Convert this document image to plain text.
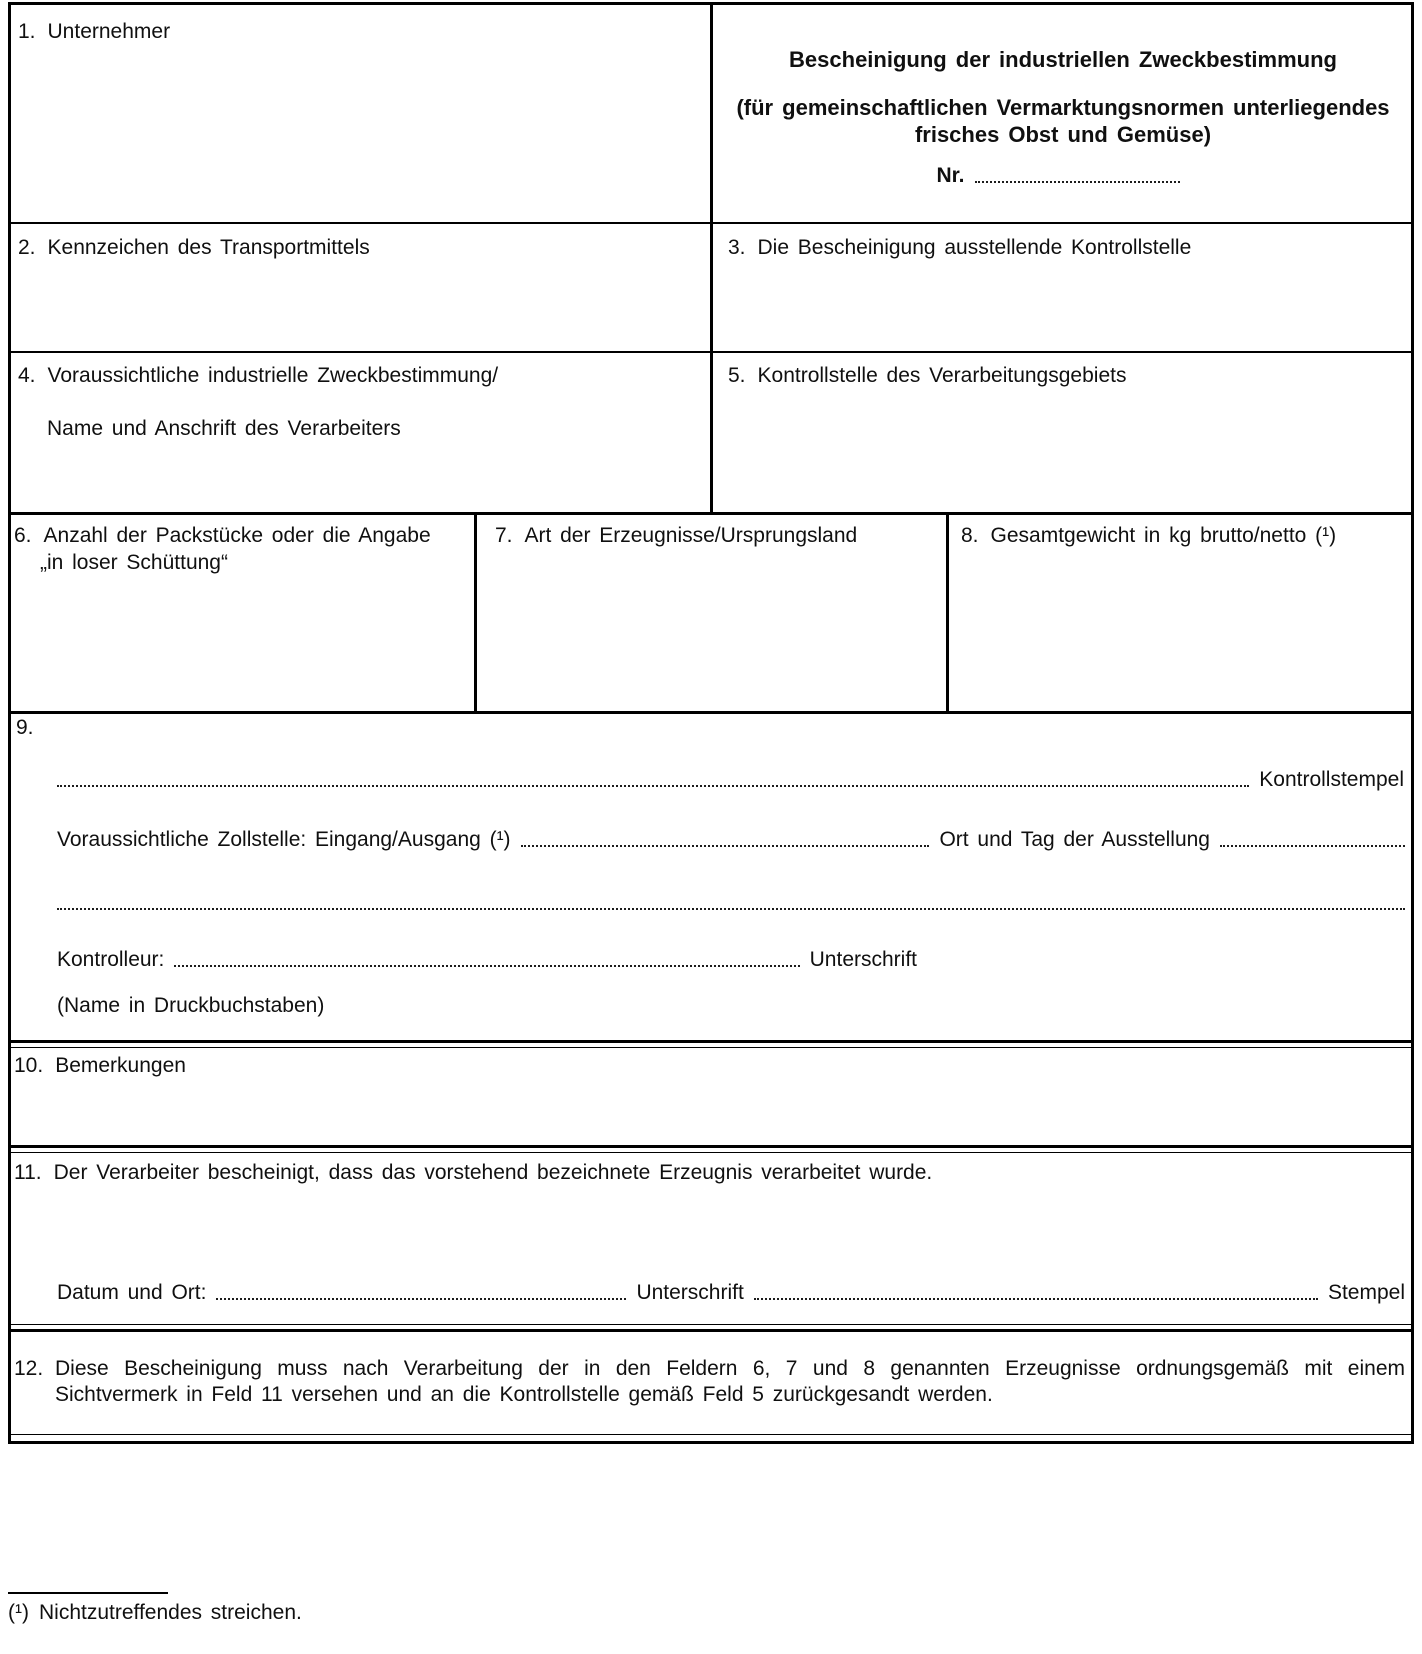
1. Unternehmer
Bescheinigung der industriellen Zweckbestimmung
(für gemeinschaftlichen Vermarktungsnormen unterliegendes
frisches Obst und Gemüse)
Nr.
2. Kennzeichen des Transportmittels	3. Die Bescheinigung ausstellende Kontrollstelle
4. Voraussichtliche industrielle Zweckbestimmung/
Name und Anschrift des Verarbeiters
5. Kontrollstelle des Verarbeitungsgebiets
6. Anzahl der Packstücke oder die Angabe
„in loser Schüttung“
7. Art der Erzeugnisse/Ursprungsland	8. Gesamtgewicht in kg brutto/netto (¹)
9.
Kontrollstempel
Voraussichtliche Zollstelle: Eingang/Ausgang (¹)	Ort und Tag der Ausstellung
Kontrolleur:	Unterschrift
(Name in Druckbuchstaben)
10. Bemerkungen
11. Der Verarbeiter bescheinigt, dass das vorstehend bezeichnete Erzeugnis verarbeitet wurde.
Datum und Ort:	Unterschrift	Stempel
12. Diese Bescheinigung muss nach Verarbeitung der in den Feldern 6, 7 und 8 genannten Erzeugnisse ordnungsgemäß mit einem Sichtvermerk in Feld 11 versehen und an die Kontrollstelle gemäß Feld 5 zurückgesandt werden.
(¹) Nichtzutreffendes streichen.
